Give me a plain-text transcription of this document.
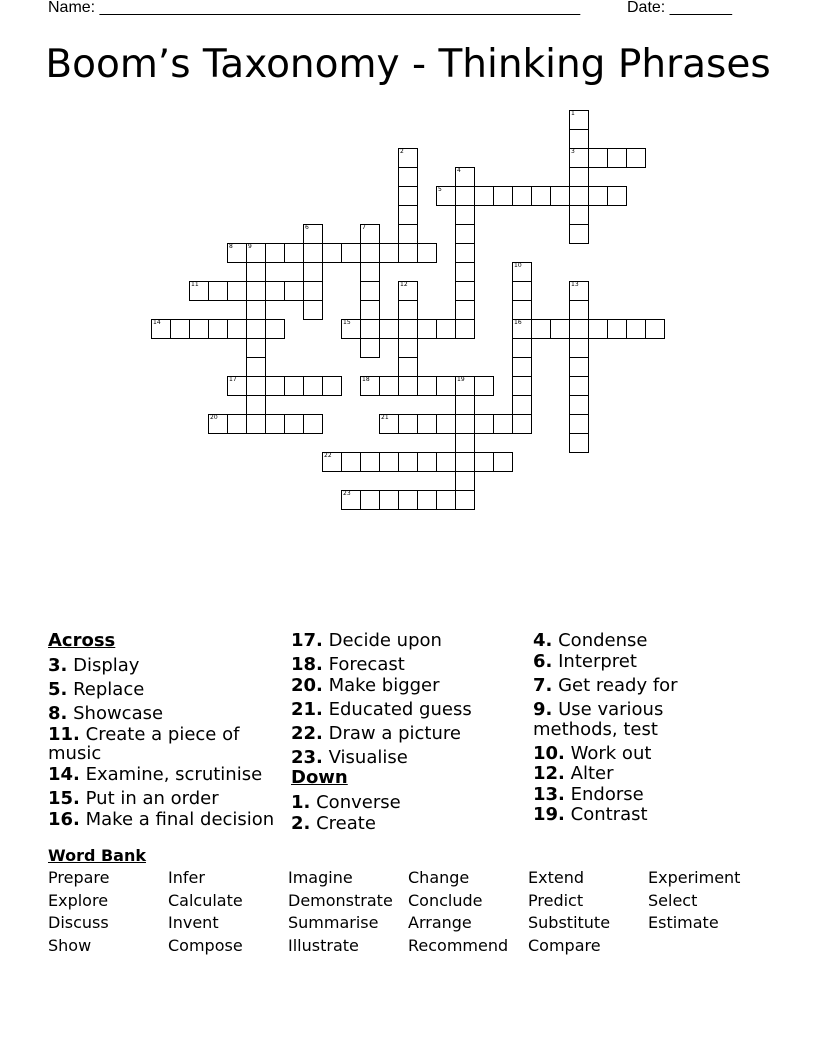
Name: ______________________________________________________	Date: _______
Boom’s Taxonomy - Thinking Phrases
1
3
2
4
5
6	7
8	9
10
16
11	12	13
14	15
17	18	19
20	21
22
23
Across
3. Display
5. Replace
8. Showcase
11. Create a piece of music
14. Examine, scrutinise
15. Put in an order
16. Make a final decision
17. Decide upon
18. Forecast
20. Make bigger
21. Educated guess
22. Draw a picture
23. Visualise
Down
1. Converse
2. Create
4. Condense
6. Interpret
7. Get ready for
9. Use various methods, test
10. Work out
12. Alter
13. Endorse
19. Contrast
Word Bank
Prepare	Infer	Imagine	Change	Extend	Experiment
Explore	Calculate	Demonstrate Conclude	Predict	Select
Discuss	Invent	Summarise Arrange	Substitute Estimate
Show	Compose	Illustrate	Recommend Compare
